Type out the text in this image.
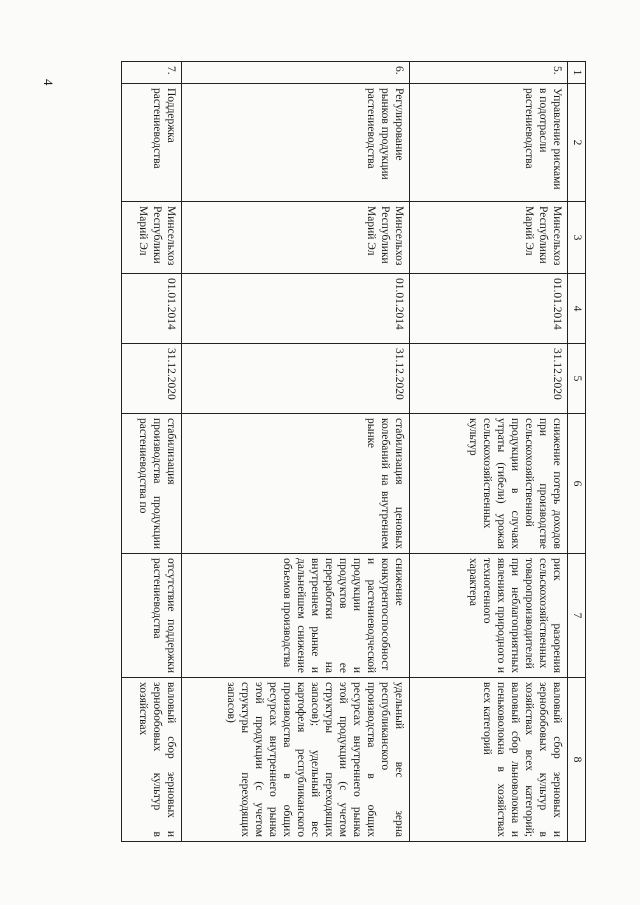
4
1	2	3	4	5	6	7	8
5.	Управление рисками в подотрасли растениеводства	Минсельхоз Республики Марий Эл	01.01.2014	31.12.2020	снижение потерь доходов при производстве сельскохозяйственной продукции в случаях утраты (гибели) урожая сельскохозяйственных культур	риск разорения сельскохозяйственных товаропроизводителей при неблагоприятных явлениях природного и техногенного характера	валовый сбор зерновых и зернобобовых культур в хозяйствах всех категорий; валовый сбор льноволокна и пеньковолокна в хозяйствах всех категорий
6.	Регулирование рынков продукции растениеводства	Минсельхоз Республики Марий Эл	01.01.2014	31.12.2020	стабилизация ценовых колебаний на внутреннем рынке	снижение конкурентоспособности растениеводческой продукции и продуктов ее переработки на внутреннем рынке и дальнейшем снижение объемов производства	удельный вес зерна республиканского производства в общих ресурсах внутреннего рынка этой продукции (с учетом структуры переходящих запасов); удельный вес картофеля республиканского производства в общих ресурсах внутреннего рынка этой продукции (с учетом структуры переходящих запасов)
7.	Поддержка растениеводства	Минсельхоз Республики Марий Эл	01.01.2014	31.12.2020	стабилизация производства продукции растениеводства по	отсутствие поддержки растениеводства	валовый сбор зерновых и зернобобовых культур в хозяйствах
